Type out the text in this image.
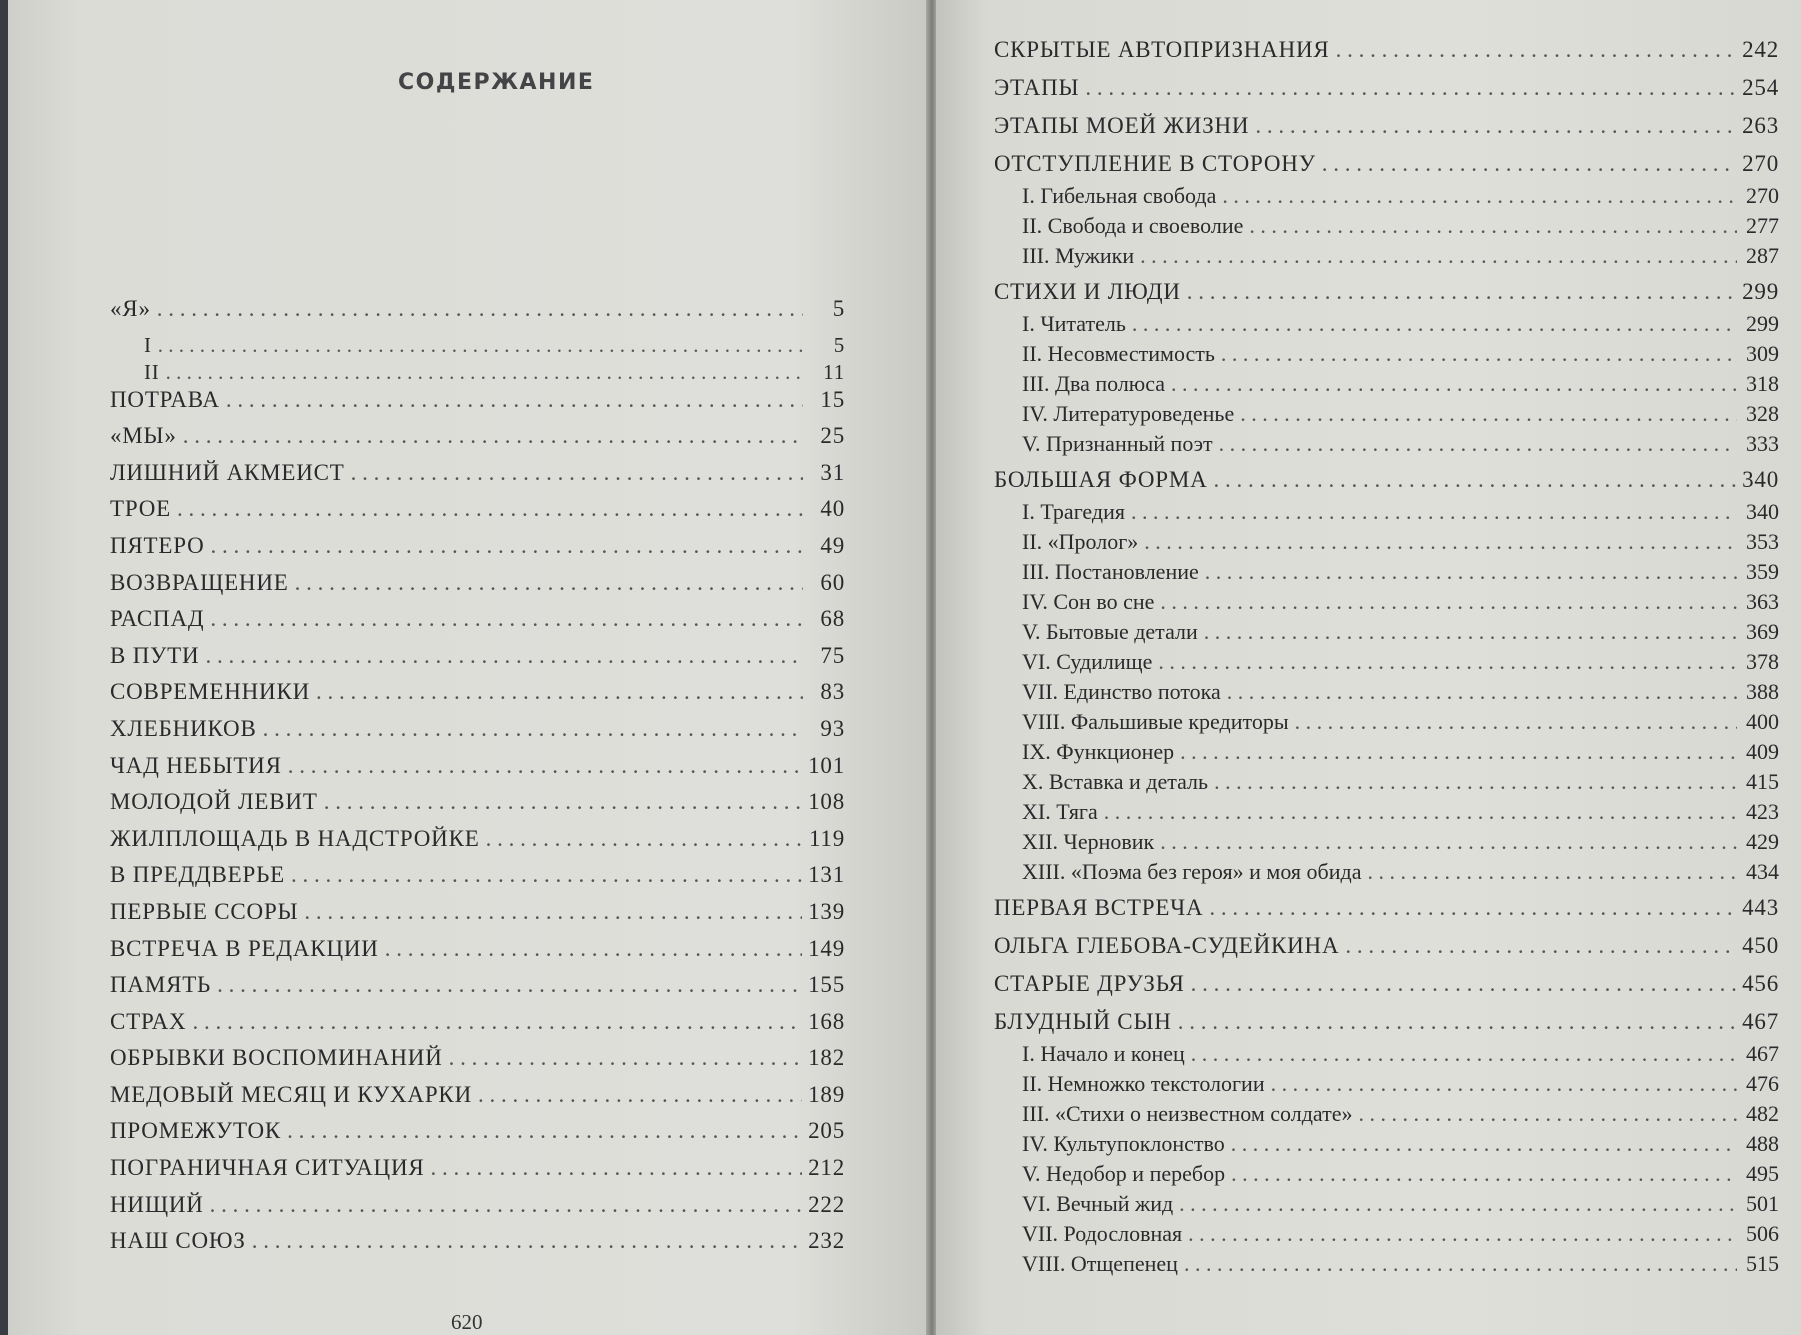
СОДЕРЖАНИЕ
«Я» . . .	5
I . . .	5
II . . .	11
ПОТРАВА . . .	15
«МЫ» . . .	25
ЛИШНИЙ АКМЕИСТ . . .	31
ТРОЕ . . .	40
ПЯТЕРО . . .	49
ВОЗВРАЩЕНИЕ . . .	60
РАСПАД . . .	68
В ПУТИ . . .	75
СОВРЕМЕННИКИ . . .	83
ХЛЕБНИКОВ . . .	93
ЧАД НЕБЫТИЯ . . .	101
МОЛОДОЙ ЛЕВИТ . . .	108
ЖИЛПЛОЩАДЬ В НАДСТРОЙКЕ . . .	119
В ПРЕДДВЕРЬЕ . . .	131
ПЕРВЫЕ ССОРЫ . . .	139
ВСТРЕЧА В РЕДАКЦИИ . . .	149
ПАМЯТЬ . . .	155
СТРАХ . . .	168
ОБРЫВКИ ВОСПОМИНАНИЙ . . .	182
МЕДОВЫЙ МЕСЯЦ И КУХАРКИ . . .	189
ПРОМЕЖУТОК . . .	205
ПОГРАНИЧНАЯ СИТУАЦИЯ . . .	212
НИЩИЙ . . .	222
НАШ СОЮЗ . . .	232
620
СКРЫТЫЕ АВТОПРИЗНАНИЯ . . .	242
ЭТАПЫ . . .	254
ЭТАПЫ МОЕЙ ЖИЗНИ . . .	263
ОТСТУПЛЕНИЕ В СТОРОНУ . . .	270
I. Гибельная свобода . . .	270
II. Свобода и своеволие . . .	277
III. Мужики . . .	287
СТИХИ И ЛЮДИ . . .	299
I. Читатель . . .	299
II. Несовместимость . . .	309
III. Два полюса . . .	318
IV. Литературоведенье . . .	328
V. Признанный поэт . . .	333
БОЛЬШАЯ ФОРМА . . .	340
I. Трагедия . . .	340
II. «Пролог» . . .	353
III. Постановление . . .	359
IV. Сон во сне . . .	363
V. Бытовые детали . . .	369
VI. Судилище . . .	378
VII. Единство потока . . .	388
VIII. Фальшивые кредиторы . . .	400
IX. Функционер . . .	409
X. Вставка и деталь . . .	415
XI. Тяга . . .	423
XII. Черновик . . .	429
XIII. «Поэма без героя» и моя обида . . .	434
ПЕРВАЯ ВСТРЕЧА . . .	443
ОЛЬГА ГЛЕБОВА-СУДЕЙКИНА . . .	450
СТАРЫЕ ДРУЗЬЯ . . .	456
БЛУДНЫЙ СЫН . . .	467
I. Начало и конец . . .	467
II. Немножко текстологии . . .	476
III. «Стихи о неизвестном солдате» . . .	482
IV. Культупоклонство . . .	488
V. Недобор и перебор . . .	495
VI. Вечный жид . . .	501
VII. Родословная . . .	506
VIII. Отщепенец . . .	515
